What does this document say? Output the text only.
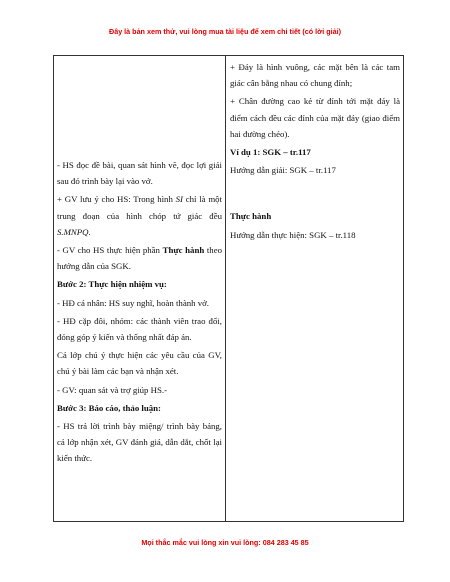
Đây là bản xem thử, vui lòng mua tài liệu để xem chi tiết (có lời giải)
- HS đọc đề bài, quan sát hình vẽ, đọc lợi giải sau đó trình bày lại vào vở.
+ GV lưu ý cho HS: Trong hình SI chỉ là một trung đoạn của hình chóp tứ giác đều S.MNPQ.
- GV cho HS thực hiện phần Thực hành theo hướng dẫn của SGK.
Bước 2: Thực hiện nhiệm vụ:
- HĐ cá nhân: HS suy nghĩ, hoàn thành vở.
- HĐ cặp đôi, nhóm: các thành viên trao đổi, đóng góp ý kiến và thống nhất đáp án.
Cả lớp chú ý thực hiện các yêu cầu của GV, chú ý bài làm các bạn và nhận xét.
- GV: quan sát và trợ giúp HS.-
Bước 3: Báo cáo, thảo luận:
- HS trả lời trình bày miệng/ trình bày bảng, cả lớp nhận xét, GV đánh giá, dẫn dắt, chốt lại kiến thức.
+ Đáy là hình vuông, các mặt bên là các tam giác cân bằng nhau có chung đỉnh;
+ Chân đường cao kẻ từ đỉnh tới mặt đáy là điểm cách đều các đỉnh của mặt đáy (giao điểm hai đường chéo).
Ví dụ 1: SGK – tr.117
Hướng dẫn giải: SGK – tr.117
Thực hành
Hướng dẫn thực hiện: SGK – tr.118
Mọi thắc mắc vui lòng xin vui lòng: 084 283 45 85
